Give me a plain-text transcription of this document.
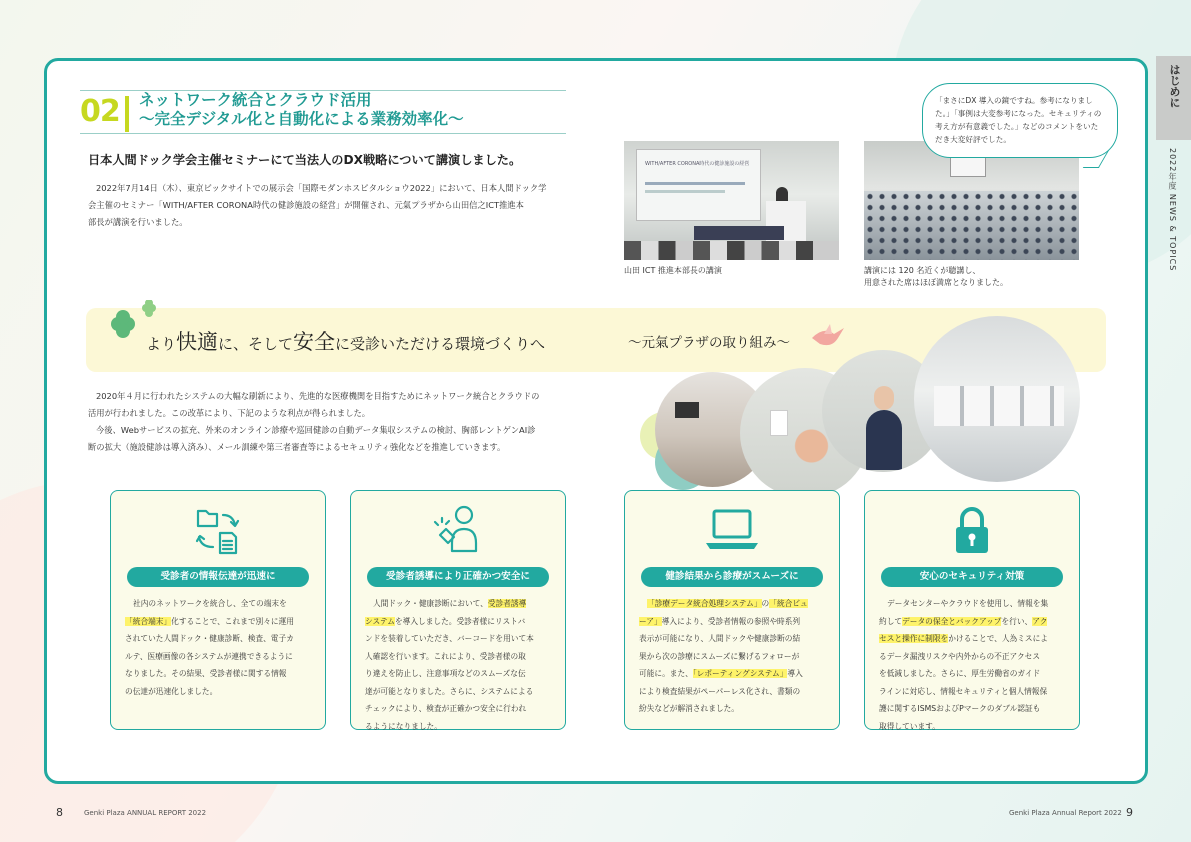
02 ネットワーク統合とクラウド活用
〜完全デジタル化と自動化による業務効率化〜
日本人間ドック学会主催セミナーにて当法人のDX戦略について講演しました。
2022年7月14日（木）、東京ビックサイトでの展示会「国際モダンホスピタルショウ2022」において、日本人間ドック学
会主催のセミナー「WITH/AFTER CORONA時代の健診施設の経営」が開催され、元氣プラザから山田信之ICT推進本
部長が講演を行いました。
WITH/AFTER CORONA時代の健診施設の経営
山田 ICT 推進本部長の講演	講演には 120 名近くが聴講し、
用意された席はほぼ満席となりました。
「まさにDX 導入の鏡ですね。参考になりまし
た。」「事例は大変参考になった。セキュリティの
考え方が有意義でした。」などのコメントをいた
だき大変好評でした。
はじめに
2022年度 NEWS & TOPICS
より快適に、そして安全に受診いただける環境づくりへ	〜元氣プラザの取り組み〜
2020年４月に行われたシステムの大幅な刷新により、先進的な医療機関を目指すためにネットワーク統合とクラウドの
活用が行われました。この改革により、下記のような利点が得られました。
今後、Webサービスの拡充、外来のオンライン診療や巡回健診の自動データ集収システムの検討、胸部レントゲンAI診
断の拡大（施設健診は導入済み）、メール訓練や第三者審査等によるセキュリティ強化などを推進していきます。
受診者の情報伝達が迅速に
社内のネットワークを統合し、全ての端末を
「統合端末」化することで、これまで別々に運用
されていた人間ドック・健康診断、検査、電子カ
ルテ、医療画像の各システムが連携できるように
なりました。その結果、受診者様に関する情報
の伝達が迅速化しました。
受診者誘導により正確かつ安全に
人間ドック・健康診断において、受診者誘導
システムを導入しました。受診者様にリストバ
ンドを装着していただき、バーコードを用いて本
人確認を行います。これにより、受診者様の取
り違えを防止し、注意事項などのスムーズな伝
達が可能となりました。さらに、システムによる
チェックにより、検査が正確かつ安全に行われ
るようになりました。
健診結果から診療がスムーズに
「診療データ統合処理システム」の「統合ビュ
ーア」導入により、受診者情報の参照や時系列
表示が可能になり、人間ドックや健康診断の結
果から次の診療にスムーズに繋げるフォローが
可能に。また、「レポーティングシステム」導入
により検査結果がペーパーレス化され、書類の
紛失などが解消されました。
安心のセキュリティ対策
データセンターやクラウドを使用し、情報を集
約してデータの保全とバックアップを行い、アク
セスと操作に制限をかけることで、人為ミスによ
るデータ漏洩リスクや内外からの不正アクセス
を低減しました。さらに、厚生労働省のガイド
ラインに対応し、情報セキュリティと個人情報保
護に関するISMSおよびPマークのダブル認証も
取得しています。
8	Genki Plaza ANNUAL REPORT 2022	Genki Plaza Annual Report 2022 9
